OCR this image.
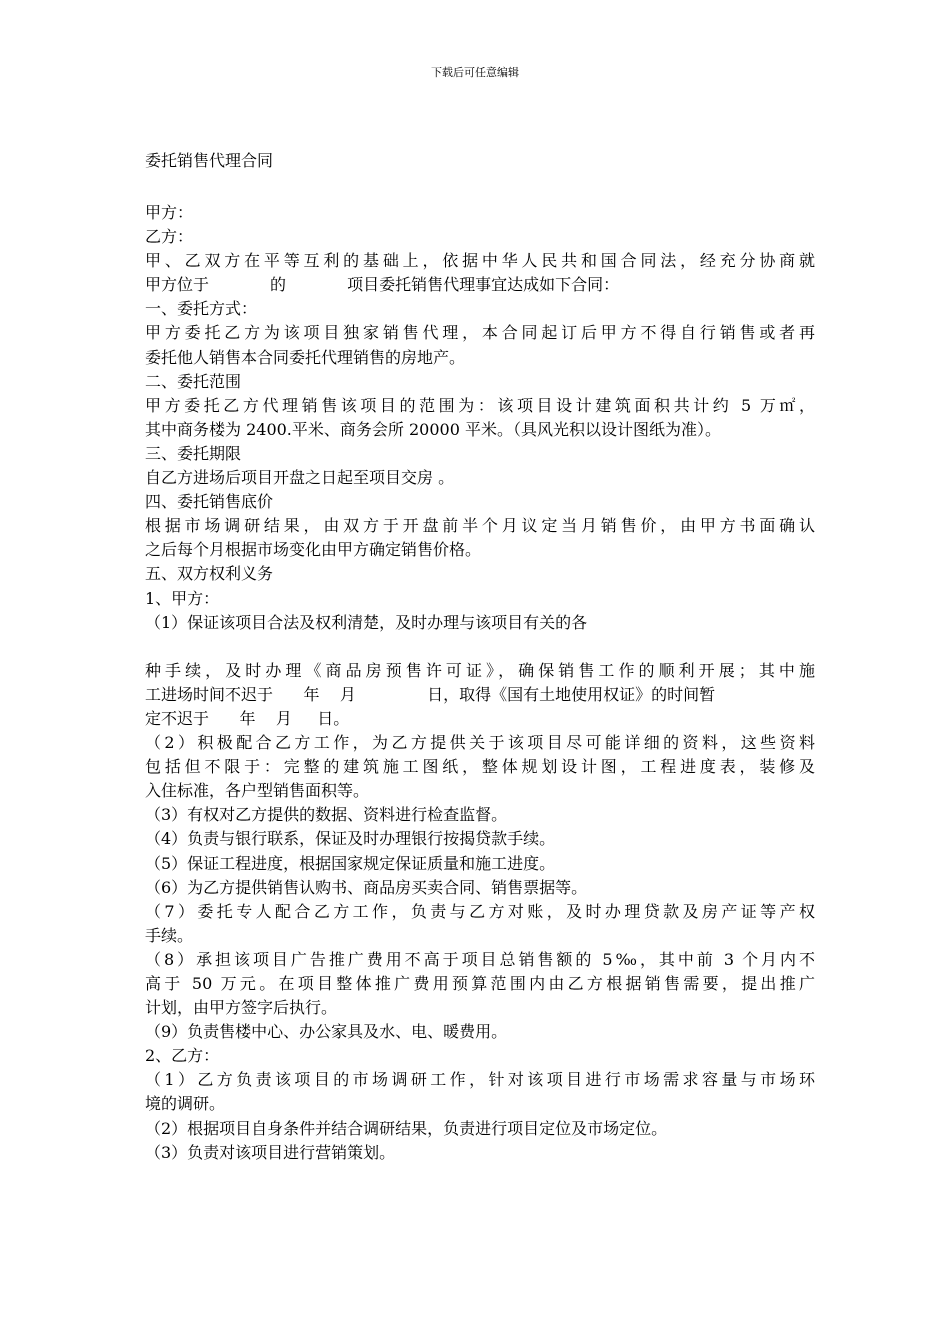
下载后可任意编辑
委托销售代理合同
甲方：
乙方：
甲、乙双方在平等互利的基础上，依据中华人民共和国合同法，经充分协商就
甲方位于            的            项目委托销售代理事宜达成如下合同：
一、委托方式：
甲方委托乙方为该项目独家销售代理，本合同起订后甲方不得自行销售或者再
委托他人销售本合同委托代理销售的房地产。
二、委托范围
甲方委托乙方代理销售该项目的范围为：该项目设计建筑面积共计约 5 万㎡，
其中商务楼为 2400.平米、商务会所 20000 平米。（具风光积以设计图纸为准）。
三、委托期限
自乙方进场后项目开盘之日起至项目交房 。
四、委托销售底价
根据市场调研结果，由双方于开盘前半个月议定当月销售价，由甲方书面确认
之后每个月根据市场变化由甲方确定销售价格。
五、双方权利义务
1、甲方：
（1）保证该项目合法及权利清楚，及时办理与该项目有关的各
种手续，及时办理《商品房预售许可证》，确保销售工作的顺利开展；其中施
工进场时间不迟于      年    月              日，取得《国有土地使用权证》的时间暂
定不迟于      年    月     日。
（2）积极配合乙方工作，为乙方提供关于该项目尽可能详细的资料，这些资料
包括但不限于：完整的建筑施工图纸，整体规划设计图，工程进度表，装修及
入住标准，各户型销售面积等。
（3）有权对乙方提供的数据、资料进行检查监督。
（4）负责与银行联系，保证及时办理银行按揭贷款手续。
（5）保证工程进度，根据国家规定保证质量和施工进度。
（6）为乙方提供销售认购书、商品房买卖合同、销售票据等。
（7）委托专人配合乙方工作，负责与乙方对账，及时办理贷款及房产证等产权
手续。
（8）承担该项目广告推广费用不高于项目总销售额的 5‰，其中前 3 个月内不
高于 50 万元。在项目整体推广费用预算范围内由乙方根据销售需要，提出推广
计划，由甲方签字后执行。
（9）负责售楼中心、办公家具及水、电、暖费用。
2、乙方：
（1）乙方负责该项目的市场调研工作，针对该项目进行市场需求容量与市场环
境的调研。
（2）根据项目自身条件并结合调研结果，负责进行项目定位及市场定位。
（3）负责对该项目进行营销策划。
